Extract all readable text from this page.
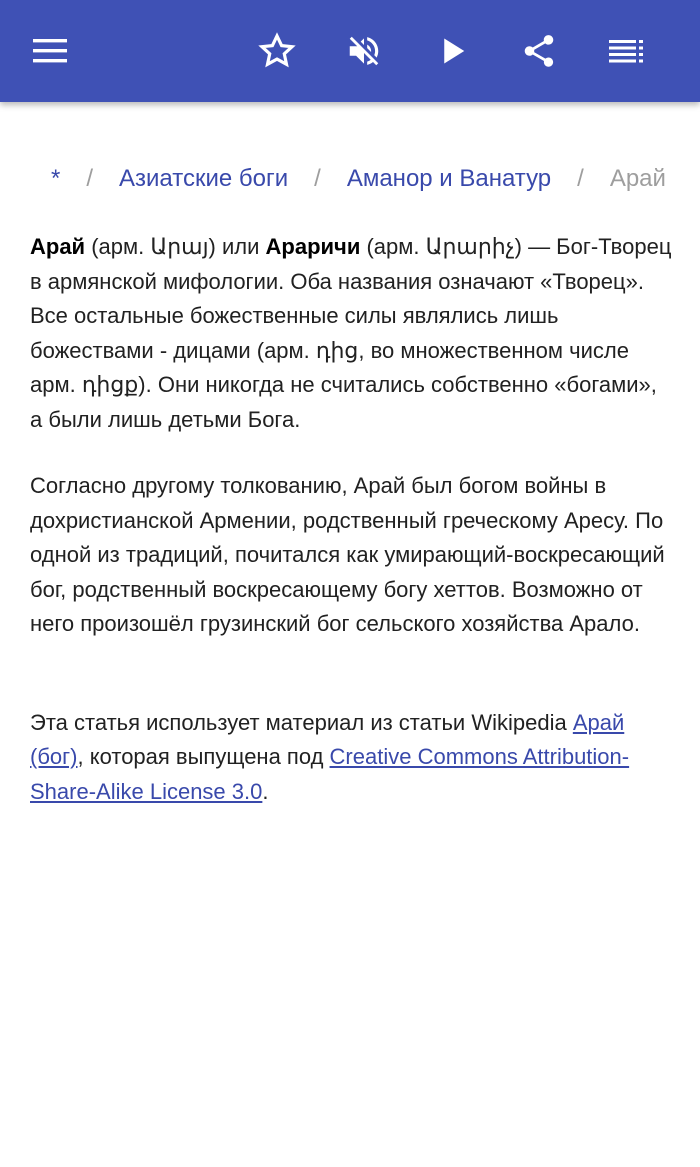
* / Азиатские боги / Аманор и Ванатур / Арай

Арай (арм. Արայ) или Араричи (арм. Արարիչ) — Бог-Творец в армянской мифологии. Оба названия означают «Творец». Все остальные божественные силы являлись лишь божествами - дицами (арм. դից, во множественном числе арм. դիցք). Они никогда не считались собственно «богами», а были лишь детьми Бога.

Согласно другому толкованию, Арай был богом войны в дохристианской Армении, родственный греческому Аресу. По одной из традиций, почитался как умирающий-воскресающий бог, родственный воскресающему богу хеттов. Возможно от него произошёл грузинский бог сельского хозяйства Арало.

Эта статья использует материал из статьи Wikipedia Арай (бог), которая выпущена под Creative Commons Attribution-Share-Alike License 3.0.
